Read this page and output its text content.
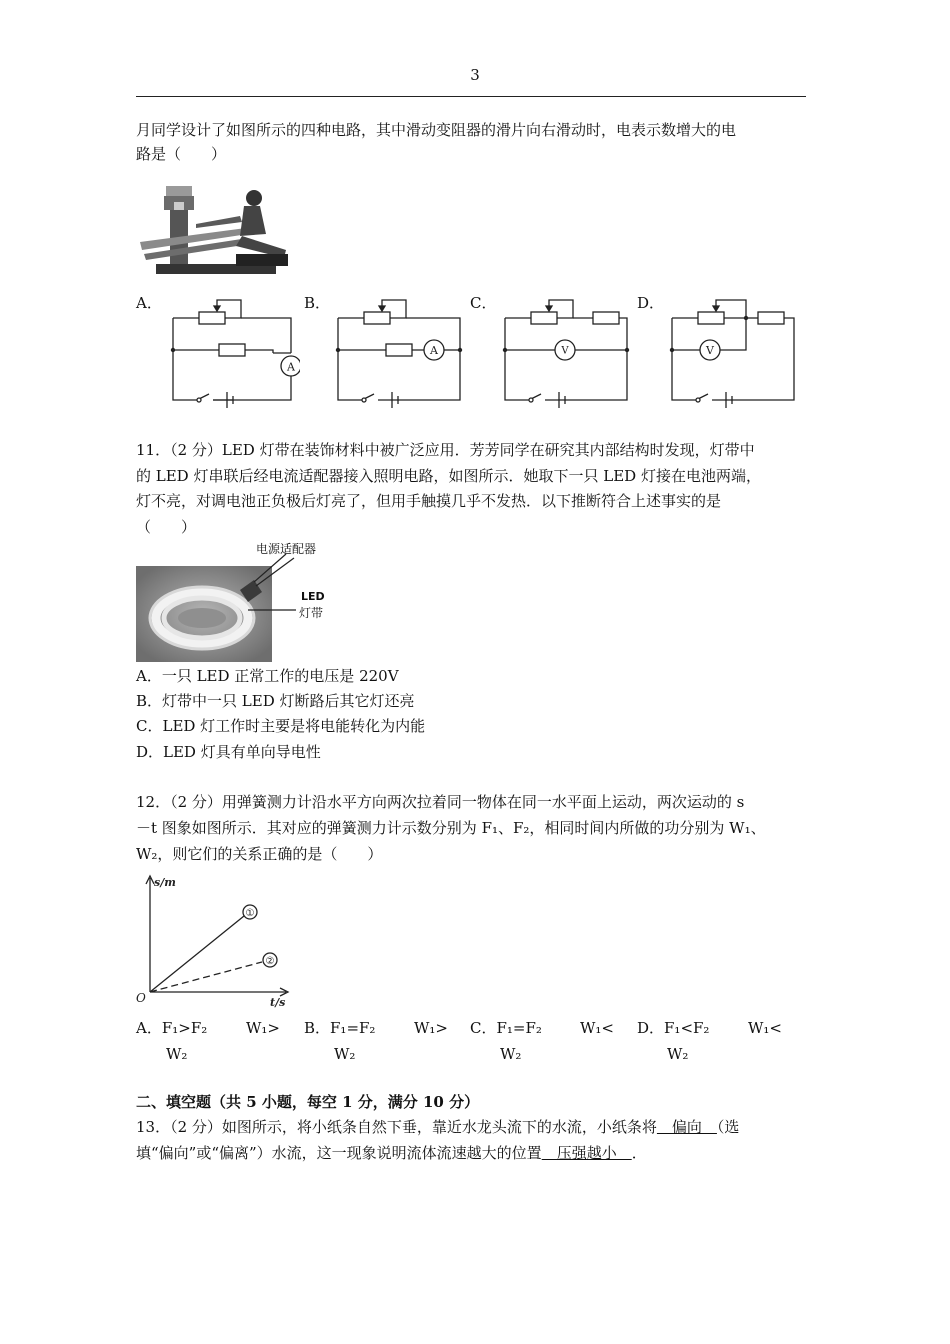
3
月同学设计了如图所示的四种电路，其中滑动变阻器的滑片向右滑动时，电表示数增大的电
路是（　　）
A．	B．	C．	D．
A
A	V	V
11．（2 分）LED 灯带在装饰材料中被广泛应用．芳芳同学在研究其内部结构时发现，灯带中
的 LED 灯串联后经电流适配器接入照明电路，如图所示．她取下一只 LED 灯接在电池两端，
灯不亮，对调电池正负极后灯亮了，但用手触摸几乎不发热．以下推断符合上述事实的是
（　　）
电源适配器
LED
灯带
A．一只 LED 正常工作的电压是 220V
B．灯带中一只 LED 灯断路后其它灯还亮
C．LED 灯工作时主要是将电能转化为内能
D．LED 灯具有单向导电性
12．（2 分）用弹簧测力计沿水平方向两次拉着同一物体在同一水平面上运动，两次运动的 s
－t 图象如图所示．其对应的弹簧测力计示数分别为 F₁、F₂，相同时间内所做的功分别为 W₁、
W₂，则它们的关系正确的是（　　）
s/m
t/s
O
①
②
A．F₁>F₂	W₁>
W₂
B．F₁=F₂	W₁>
W₂
C．F₁=F₂	W₁<
W₂
D．F₁<F₂	W₁<
W₂
二、填空题（共 5 小题，每空 1 分，满分 10 分）
13．（2 分）如图所示，将小纸条自然下垂，靠近水龙头流下的水流，小纸条将　偏向　（选
填“偏向”或“偏离”）水流，这一现象说明流体流速越大的位置　压强越小　．
